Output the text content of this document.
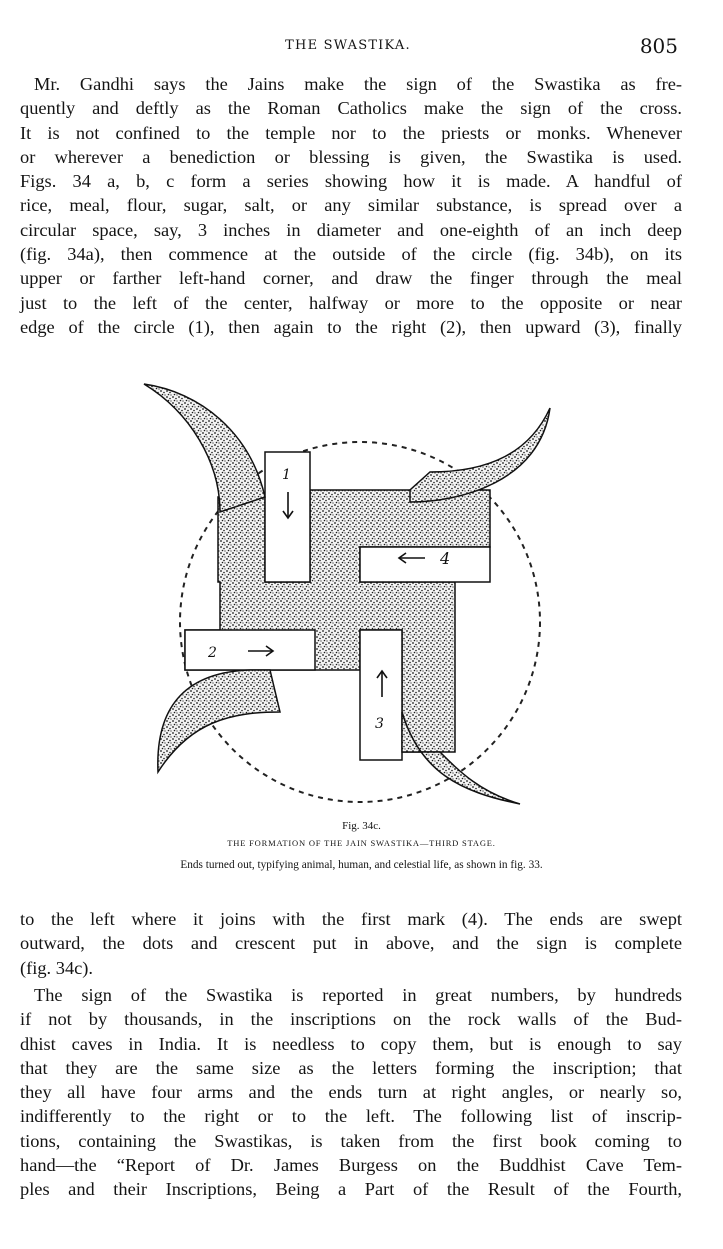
THE SWASTIKA.	805
Mr. Gandhi says the Jains make the sign of the Swastika as fre-
quently and deftly as the Roman Catholics make the sign of the cross.
It is not confined to the temple nor to the priests or monks. Whenever
or wherever a benediction or blessing is given, the Swastika is used.
Figs. 34 a, b, c form a series showing how it is made. A handful of
rice, meal, flour, sugar, salt, or any similar substance, is spread over a
circular space, say, 3 inches in diameter and one-eighth of an inch deep
(fig. 34a), then commence at the outside of the circle (fig. 34b), on its
upper or farther left-hand corner, and draw the finger through the meal
just to the left of the center, halfway or more to the opposite or near
edge of the circle (1), then again to the right (2), then upward (3), finally
1
4
3
2
Fig. 34c.
THE FORMATION OF THE JAIN SWASTIKA—THIRD STAGE.
Ends turned out, typifying animal, human, and celestial life, as shown in fig. 33.
to the left where it joins with the first mark (4). The ends are swept
outward, the dots and crescent put in above, and the sign is complete
(fig. 34c).
The sign of the Swastika is reported in great numbers, by hundreds
if not by thousands, in the inscriptions on the rock walls of the Bud-
dhist caves in India. It is needless to copy them, but is enough to say
that they are the same size as the letters forming the inscription; that
they all have four arms and the ends turn at right angles, or nearly so,
indifferently to the right or to the left. The following list of inscrip-
tions, containing the Swastikas, is taken from the first book coming to
hand—the “Report of Dr. James Burgess on the Buddhist Cave Tem-
ples and their Inscriptions, Being a Part of the Result of the Fourth,
